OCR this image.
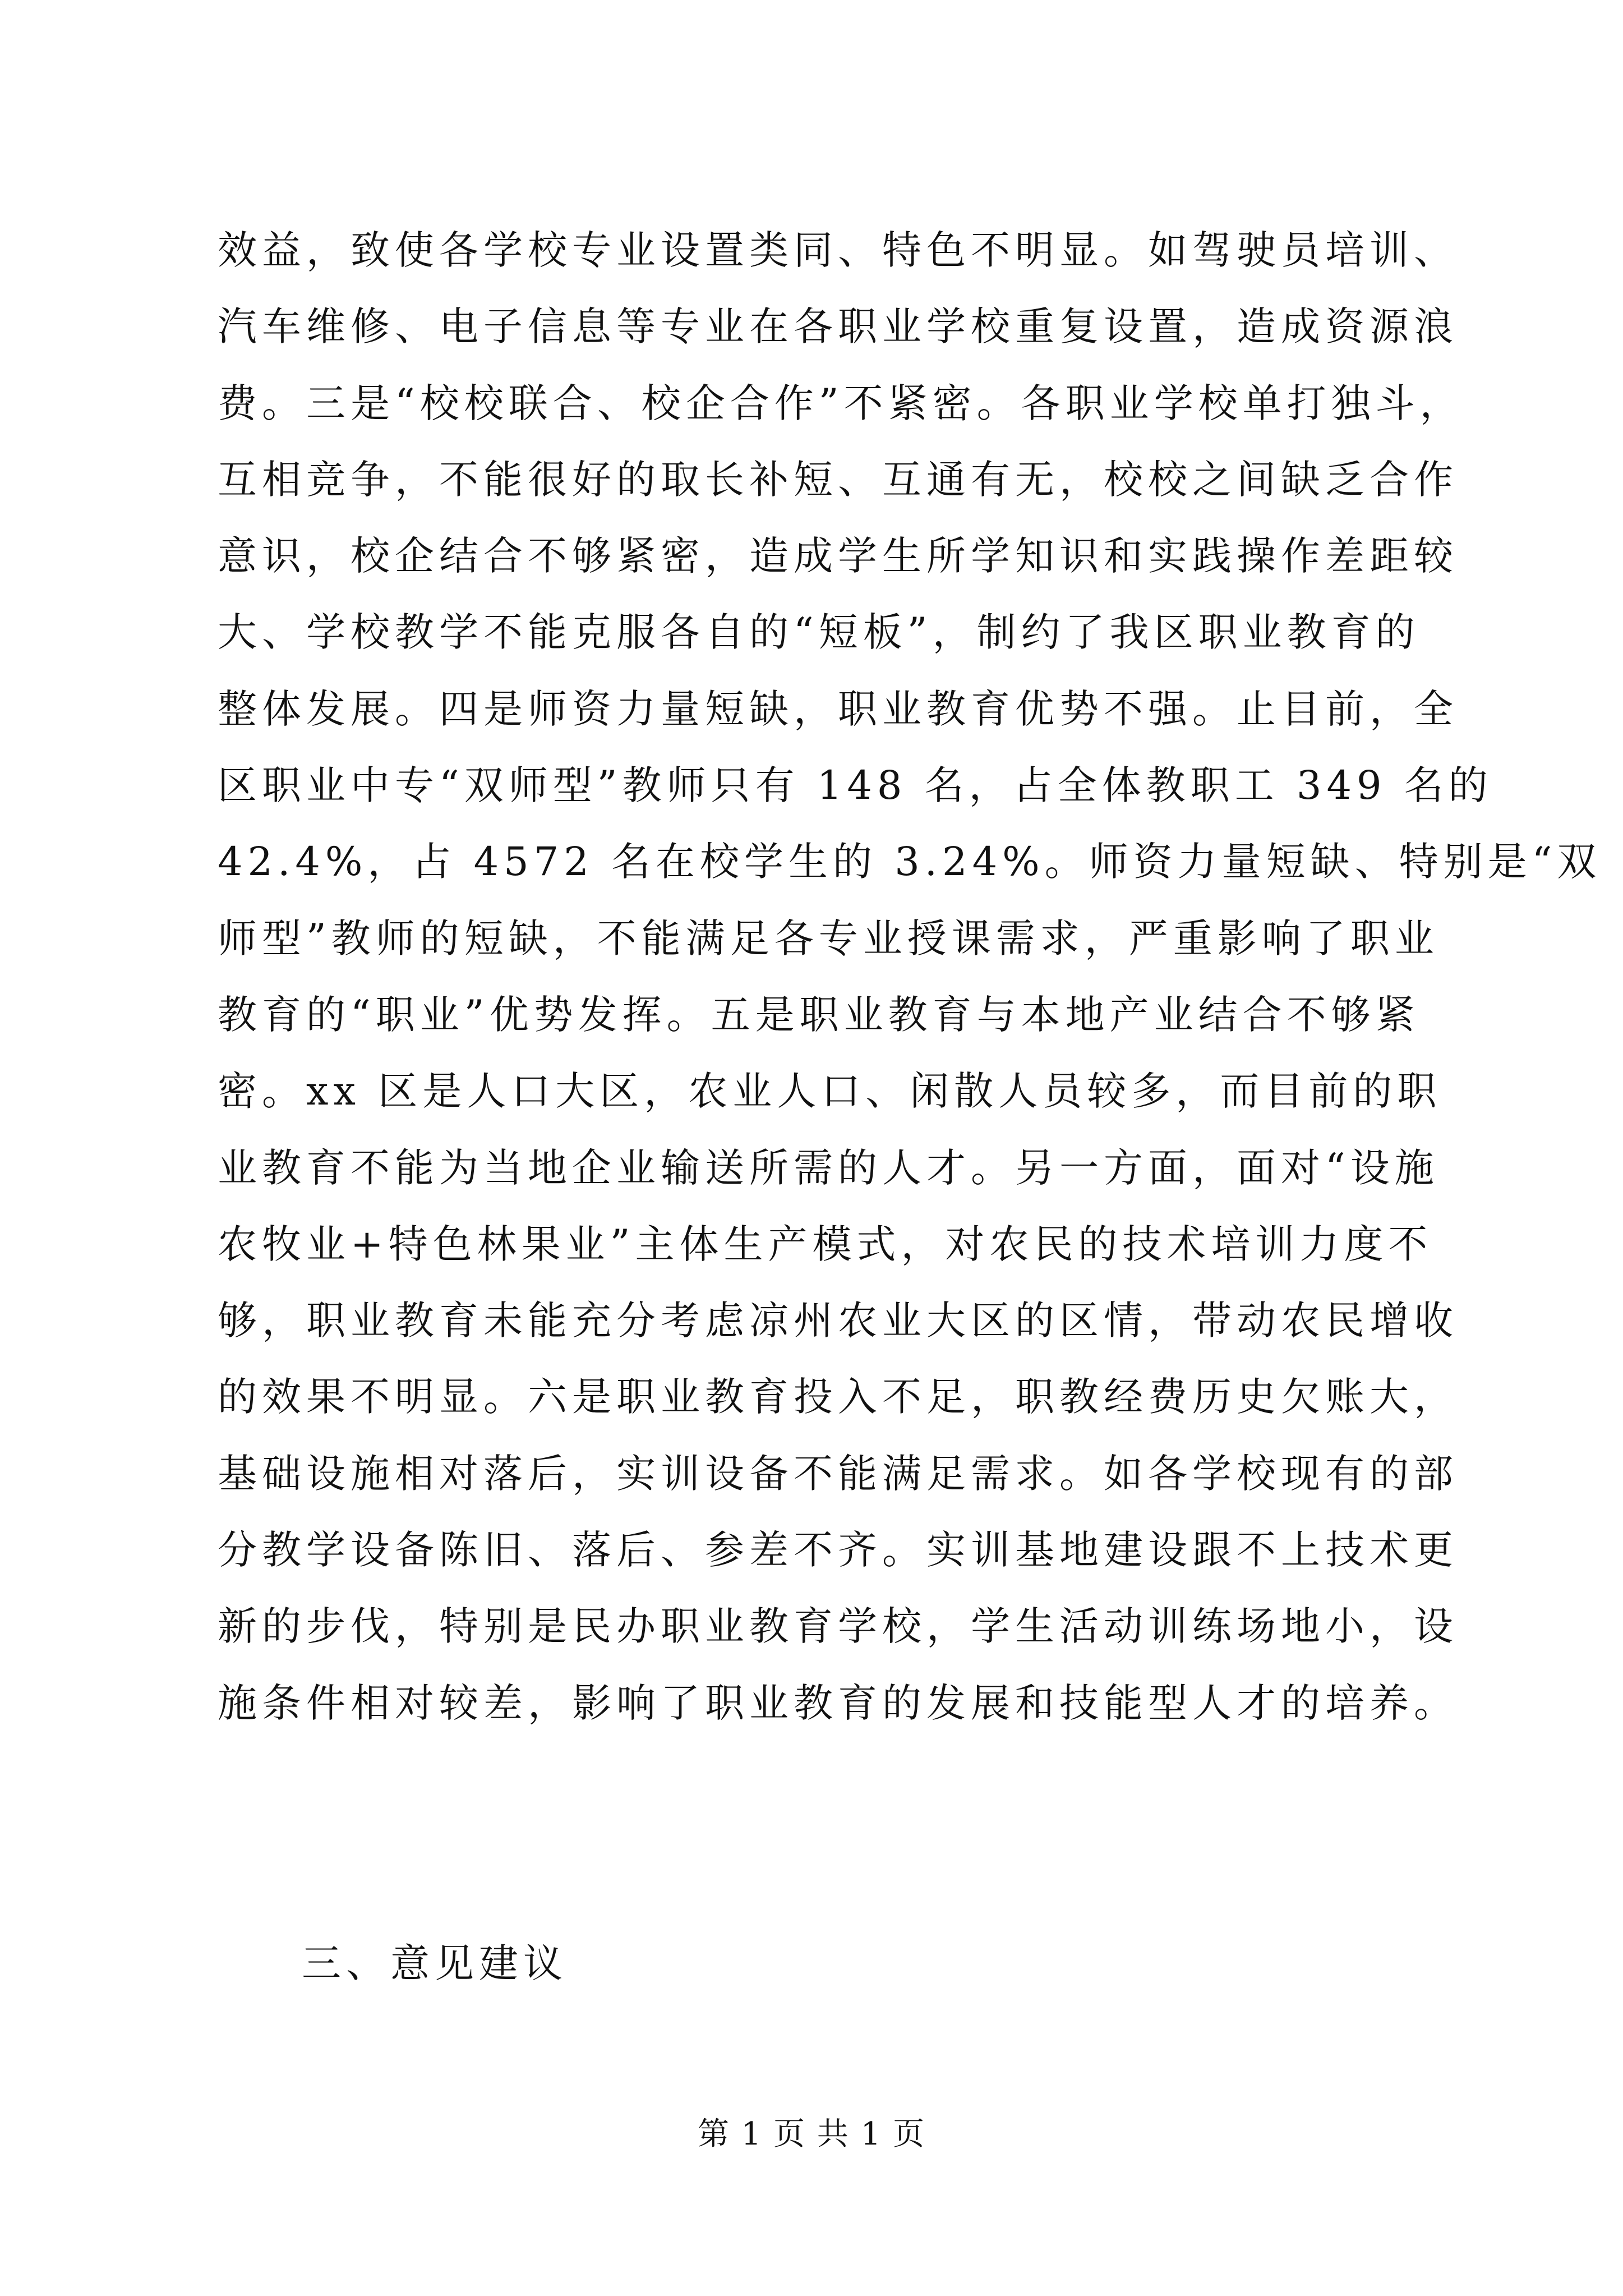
效益，致使各学校专业设置类同、特色不明显。如驾驶员培训、
汽车维修、电子信息等专业在各职业学校重复设置，造成资源浪
费。三是“校校联合、校企合作”不紧密。各职业学校单打独斗，
互相竞争，不能很好的取长补短、互通有无，校校之间缺乏合作
意识，校企结合不够紧密，造成学生所学知识和实践操作差距较
大、学校教学不能克服各自的“短板”，制约了我区职业教育的
整体发展。四是师资力量短缺，职业教育优势不强。止目前，全
区职业中专“双师型”教师只有 148 名，占全体教职工 349 名的
42.4%，占 4572 名在校学生的 3.24%。师资力量短缺、特别是“双
师型”教师的短缺，不能满足各专业授课需求，严重影响了职业
教育的“职业”优势发挥。五是职业教育与本地产业结合不够紧
密。xx 区是人口大区，农业人口、闲散人员较多，而目前的职
业教育不能为当地企业输送所需的人才。另一方面，面对“设施
农牧业+特色林果业”主体生产模式，对农民的技术培训力度不
够，职业教育未能充分考虑凉州农业大区的区情，带动农民增收
的效果不明显。六是职业教育投入不足，职教经费历史欠账大，
基础设施相对落后，实训设备不能满足需求。如各学校现有的部
分教学设备陈旧、落后、参差不齐。实训基地建设跟不上技术更
新的步伐，特别是民办职业教育学校，学生活动训练场地小，设
施条件相对较差，影响了职业教育的发展和技能型人才的培养。
三、意见建议
第 1 页 共 1 页
